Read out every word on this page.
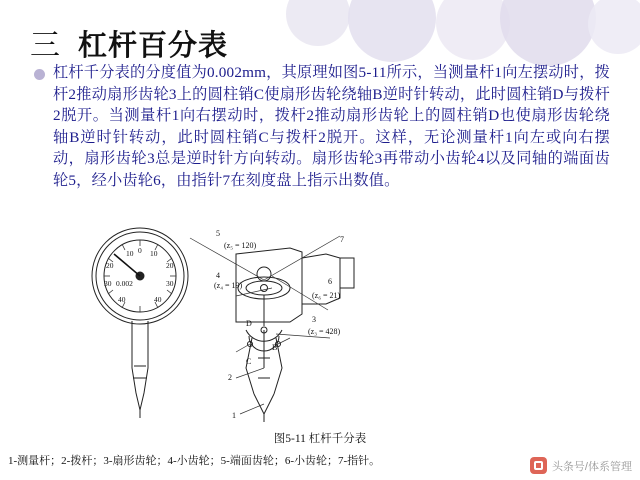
三 杠杆百分表
杠杆千分表的分度值为0.002mm，其原理如图5-11所示，当测量杆1向左摆动时，拨杆2推动扇形齿轮3上的圆柱销C使扇形齿轮绕轴B逆时针转动，此时圆柱销D与拨杆2脱开。当测量杆1向右摆动时，拨杆2推动扇形齿轮上的圆柱销D也使扇形齿轮绕轴B逆时针转动，此时圆柱销C与拨杆2脱开。这样，无论测量杆1向左或向右摆动，扇形齿轮3总是逆时针方向转动。扇形齿轮3再带动小齿轮4以及同轴的端面齿轮5，经小齿轮6，由指针7在刻度盘上指示出数值。
5
(z₅ = 120)
4
(z₄ = 19)	6
(z₆ = 21)
3
(z₃ = 428)
7
D
B
C
2
1
10 0 10
20	20
30	30
40	40
0.002
图5-11 杠杆千分表
1-测量杆；2-拨杆；3-扇形齿轮；4-小齿轮；5-端面齿轮；6-小齿轮；7-指针。	头条号/体系管理
